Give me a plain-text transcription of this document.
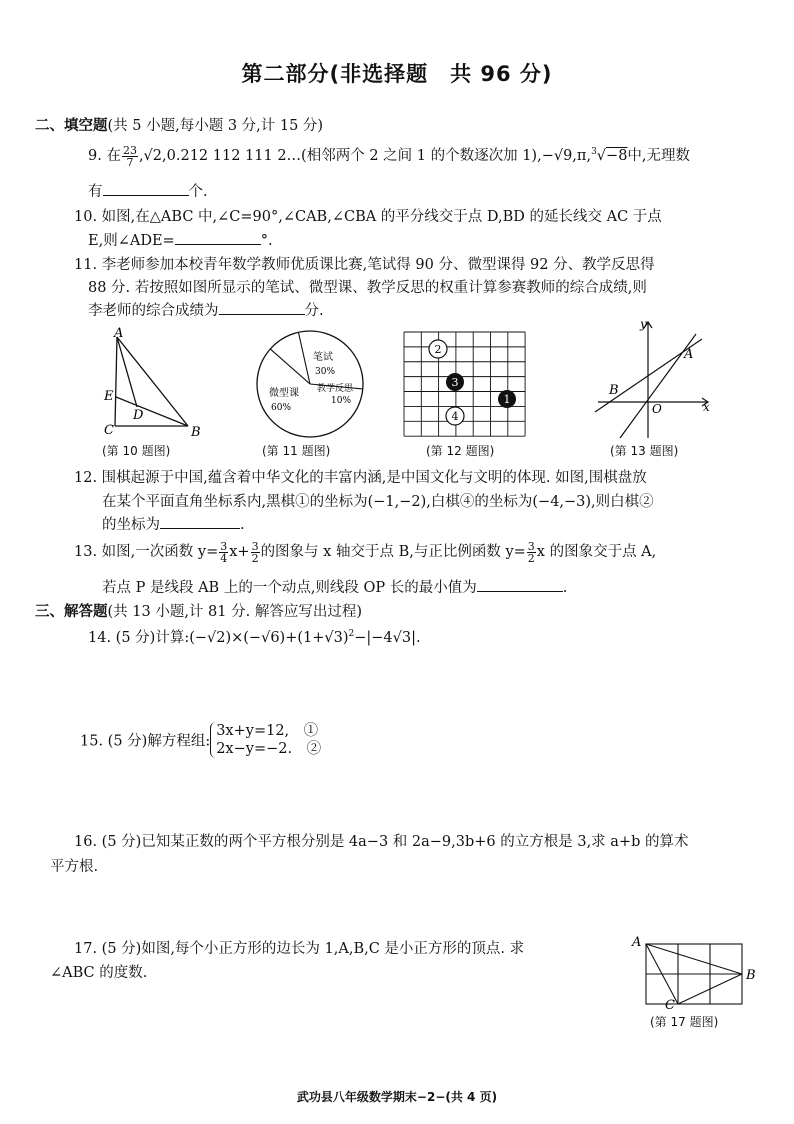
第二部分(非选择题　共 96 分)
二、填空题(共 5 小题,每小题 3 分,计 15 分)
9. 在 $\frac{23}{7} ,√2,0.212$ 112 111 2…(相邻两个 2 之间 1 的个数逐次加 1),−√9,π,$^3$√−8中,无理数
有	个.
10. 如图,在△ABC 中,∠C=90°,∠CAB,∠CBA 的平分线交于点 D,BD 的延长线交 AC 于点
E,则∠ADE=	°.
11. 李老师参加本校青年数学教师优质课比赛,笔试得 90 分、微型课得 92 分、教学反思得
88 分. 若按照如图所显示的笔试、微型课、教学反思的权重计算参赛教师的综合成绩,则
李老师的综合成绩为	分.
A
E
D
C	B
(第 10 题图)
笔试
30%
微型课
60%
教学反思
10%
(第 11 题图)
2
3
4
1
(第 12 题图)
y
A
B
O	x
(第 13 题图)
12. 围棋起源于中国,蕴含着中华文化的丰富内涵,是中国文化与文明的体现. 如图,围棋盘放
在某个平面直角坐标系内,黑棋①的坐标为(−1,−2),白棋④的坐标为(−4,−3),则白棋②
的坐标为	.
13. 如图,一次函数 $y= \frac{3}{4} x+ \frac{3}{2}$ 的图象与 x 轴交于点 B,与正比例函数 $y= \frac{3}{2}$ x 的图象交于点 A,
若点 P 是线段 AB 上的一个动点,则线段 OP 长的最小值为	.
三、解答题(共 13 小题,计 81 分. 解答应写出过程)
14. (5 分)计算$:(-√2)\times(-√6)+(1+√3)^2-|-4√3|$.
15. (5 分)解方程组:
3x+y=12,　①
2x−y=−2.　②
16. (5 分)已知某正数的两个平方根分别是 4a−3 和 2a−9,3b+6 的立方根是 3,求 a+b 的算术
平方根.
17. (5 分)如图,每个小正方形的边长为 1,A,B,C 是小正方形的顶点. 求
∠ABC 的度数.
A
B
C
(第 17 题图)
武功县八年级数学期末−2−(共 4 页)
